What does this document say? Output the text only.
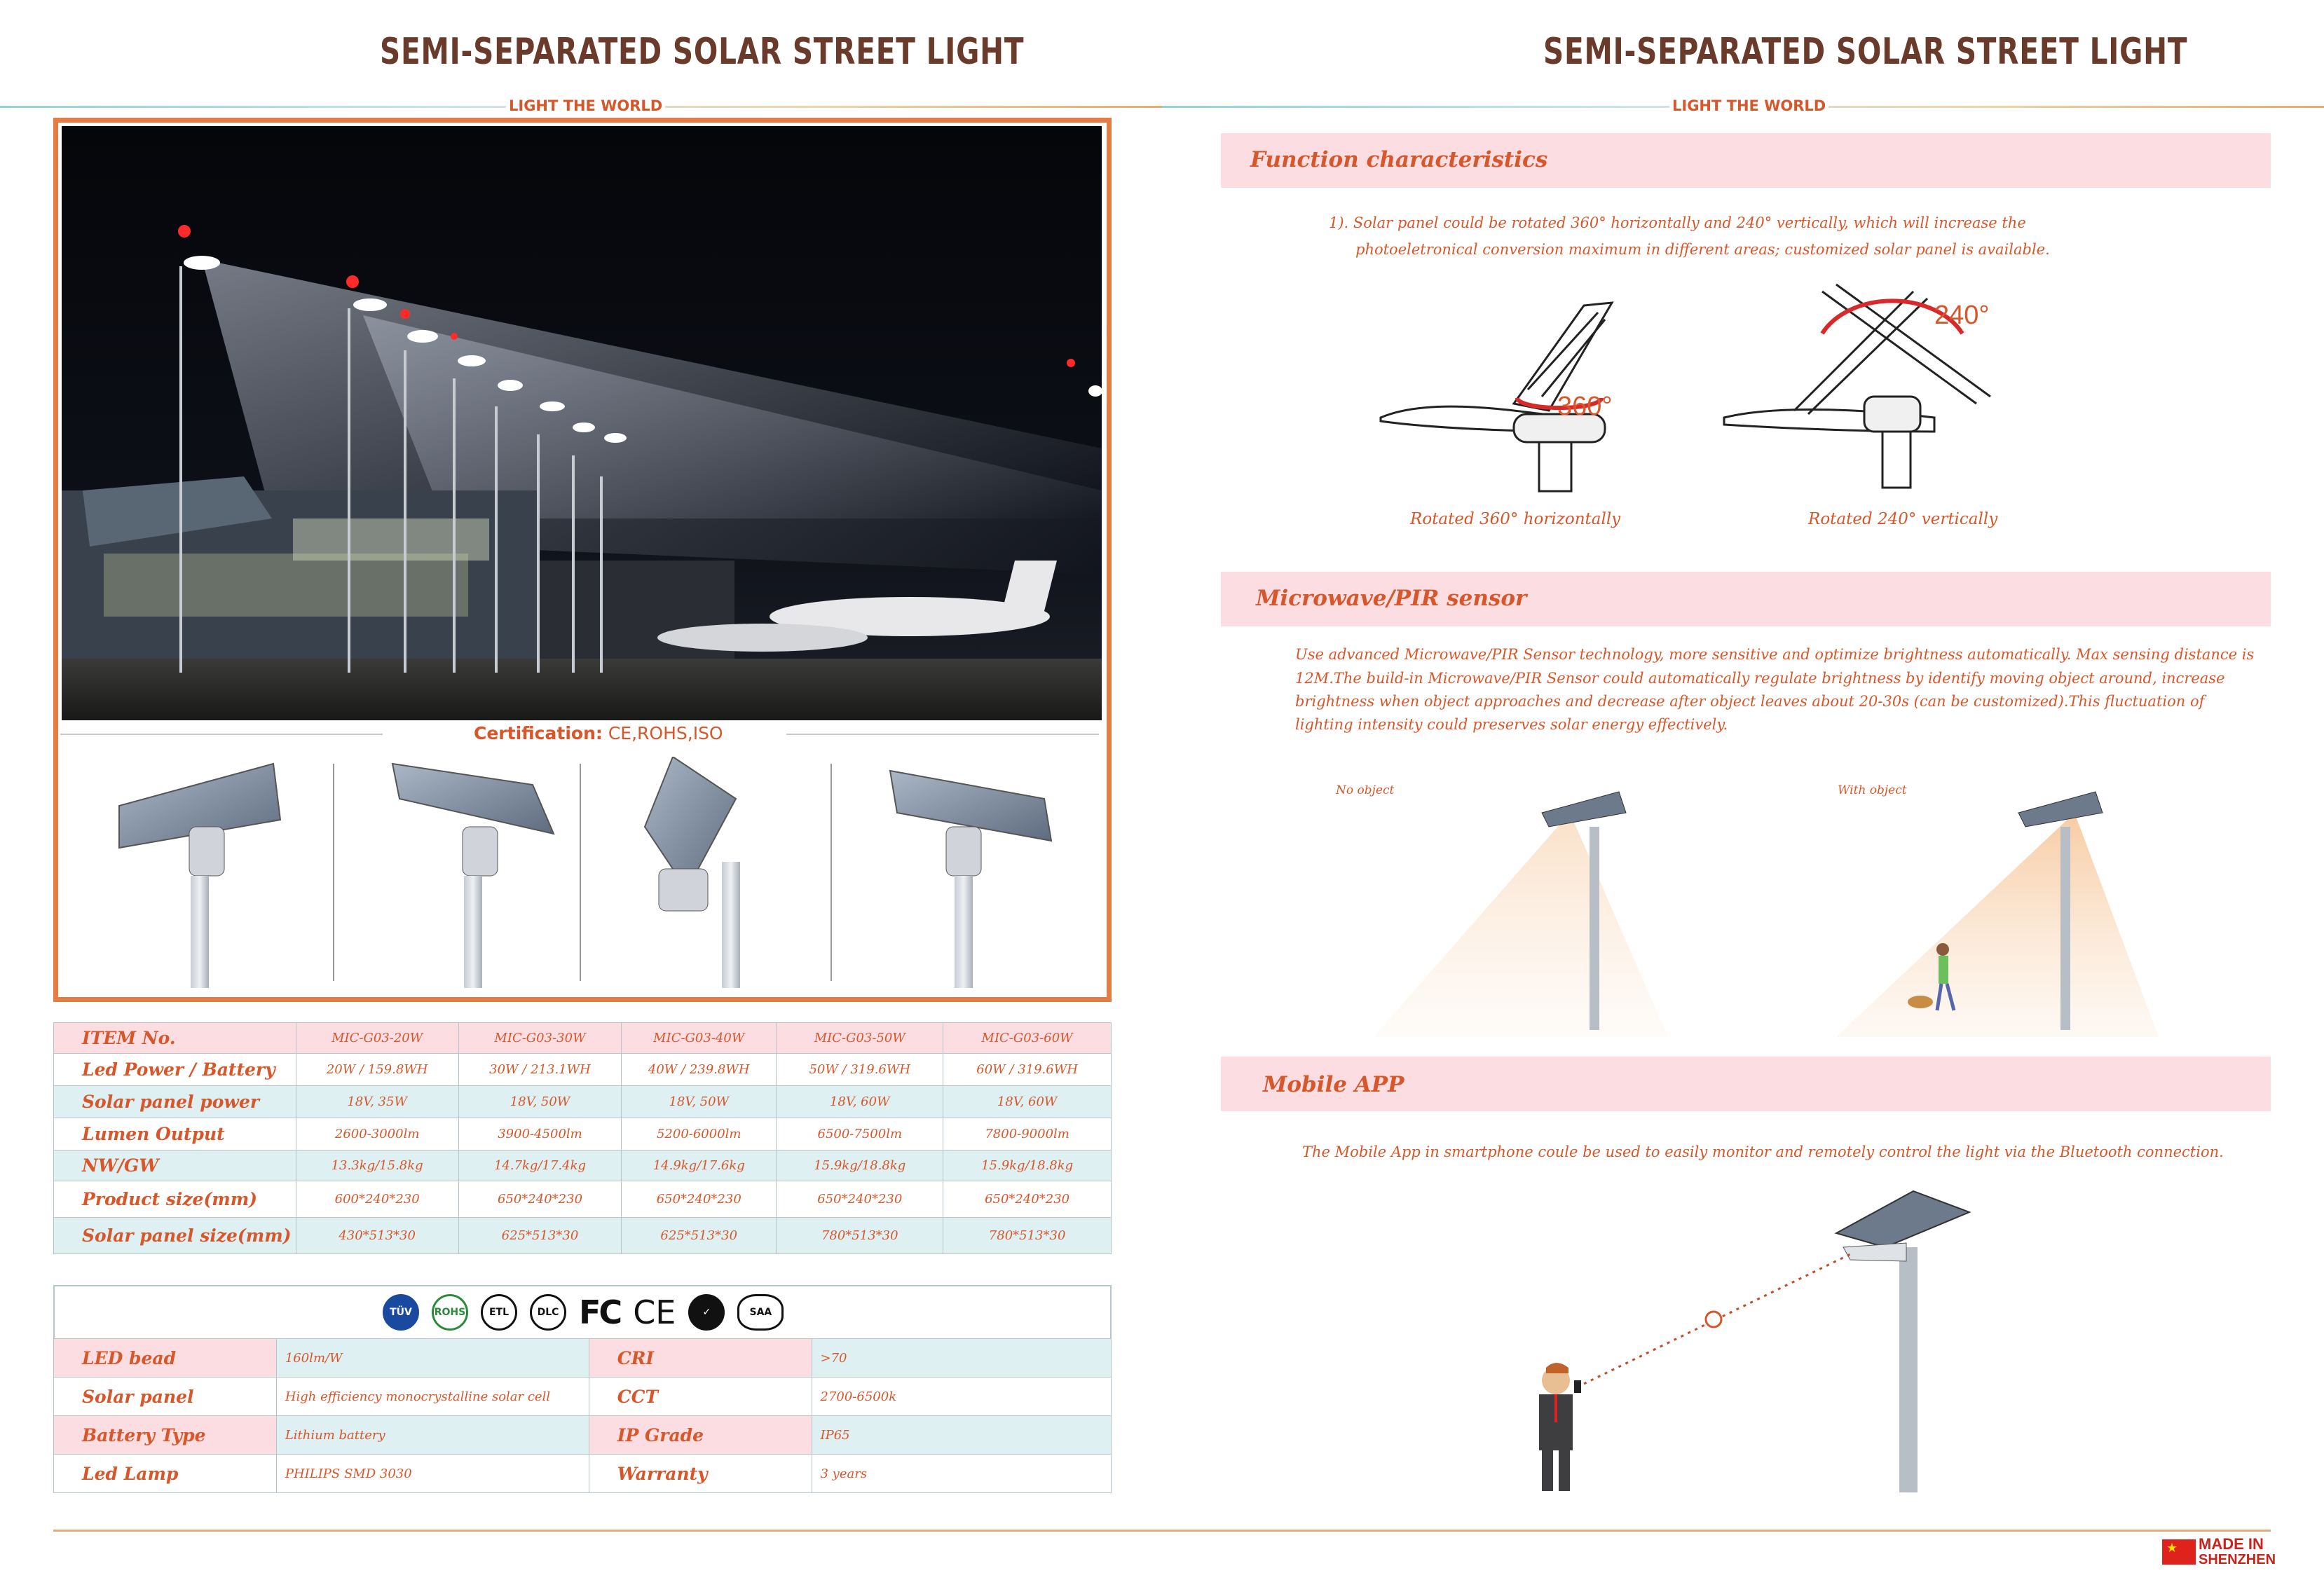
SEMI-SEPARATED SOLAR STREET LIGHT
LIGHT THE WORLD
Certification: CE,ROHS,ISO
ITEM No.	MIC-G03-20W	MIC-G03-30W	MIC-G03-40W	MIC-G03-50W	MIC-G03-60W
Led Power / Battery	20W / 159.8WH	30W / 213.1WH	40W / 239.8WH	50W / 319.6WH	60W / 319.6WH
Solar panel power	18V, 35W	18V, 50W	18V, 50W	18V, 60W	18V, 60W
Lumen Output	2600-3000lm	3900-4500lm	5200-6000lm	6500-7500lm	7800-9000lm
NW/GW	13.3kg/15.8kg	14.7kg/17.4kg	14.9kg/17.6kg	15.9kg/18.8kg	15.9kg/18.8kg
Product size(mm)	600*240*230	650*240*230	650*240*230	650*240*230	650*240*230
Solar panel size(mm)	430*513*30	625*513*30	625*513*30	780*513*30	780*513*30
TÜV	ROHS	ETL	DLC FC CE	✓	SAA
LED bead	160lm/W	CRI	>70
Solar panel	High efficiency monocrystalline solar cell	CCT	2700-6500k
Battery Type	Lithium battery	IP Grade	IP65
Led Lamp	PHILIPS SMD 3030	Warranty	3 years
SEMI-SEPARATED SOLAR STREET LIGHT
LIGHT THE WORLD
Function characteristics
1). Solar panel could be rotated 360° horizontally and 240° vertically, which will increase the
photoeletronical conversion maximum in different areas; customized solar panel is available.
360°
240°
Rotated 360° horizontally	Rotated 240° vertically
Microwave/PIR sensor
Use advanced Microwave/PIR Sensor technology, more sensitive and optimize brightness automatically. Max sensing distance is
12M.The build-in Microwave/PIR Sensor could automatically regulate brightness by identify moving object around, increase
brightness when object approaches and decrease after object leaves about 20-30s (can be customized).This fluctuation of
lighting intensity could preserves solar energy effectively.
No object	With object
Mobile APP
The Mobile App in smartphone coule be used to easily monitor and remotely control the light via the Bluetooth connection.
★ MADE IN
SHENZHEN
